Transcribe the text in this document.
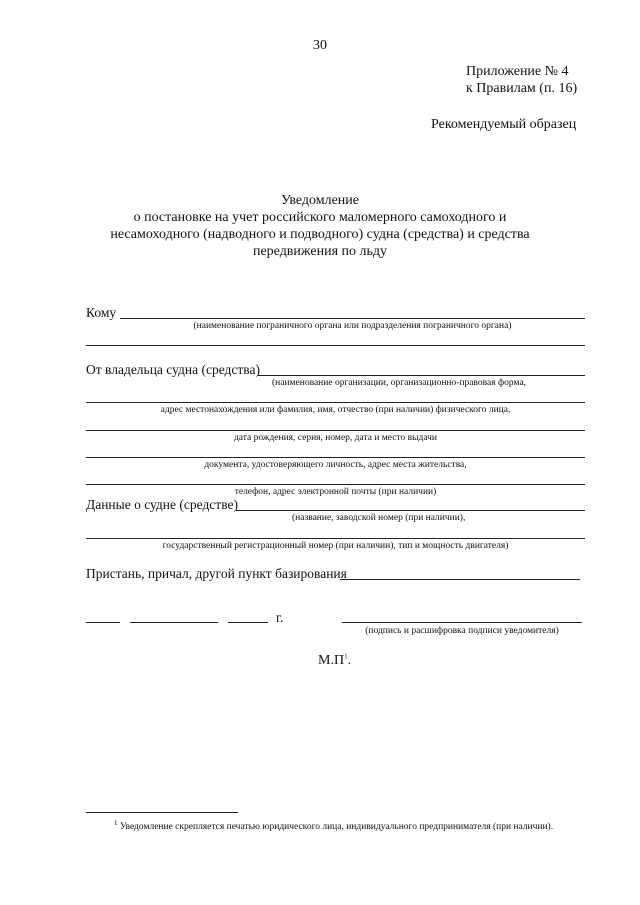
30
Приложение № 4
к Правилам (п. 16)
Рекомендуемый образец
Уведомление
о постановке на учет российского маломерного самоходного и
несамоходного (надводного и подводного) судна (средства) и средства
передвижения по льду
Кому
(наименование пограничного органа или подразделения пограничного органа)
От владельца судна (средства)
(наименование организации, организационно-правовая форма,
адрес местонахождения или фамилия, имя, отчество (при наличии) физического лица,
дата рождения, серия, номер, дата и место выдачи
документа, удостоверяющего личность, адрес места жительства,
телефон, адрес электронной почты (при наличии)
Данные о судне (средстве)
(название, заводской номер (при наличии),
государственный регистрационный номер (при наличии), тип и мощность двигателя)
Пристань, причал, другой пункт базирования
г.
(подпись и расшифровка подписи уведомителя)
$М.П^1$.
$^1$ Уведомление скрепляется печатью юридического лица, индивидуального предпринимателя (при наличии).
